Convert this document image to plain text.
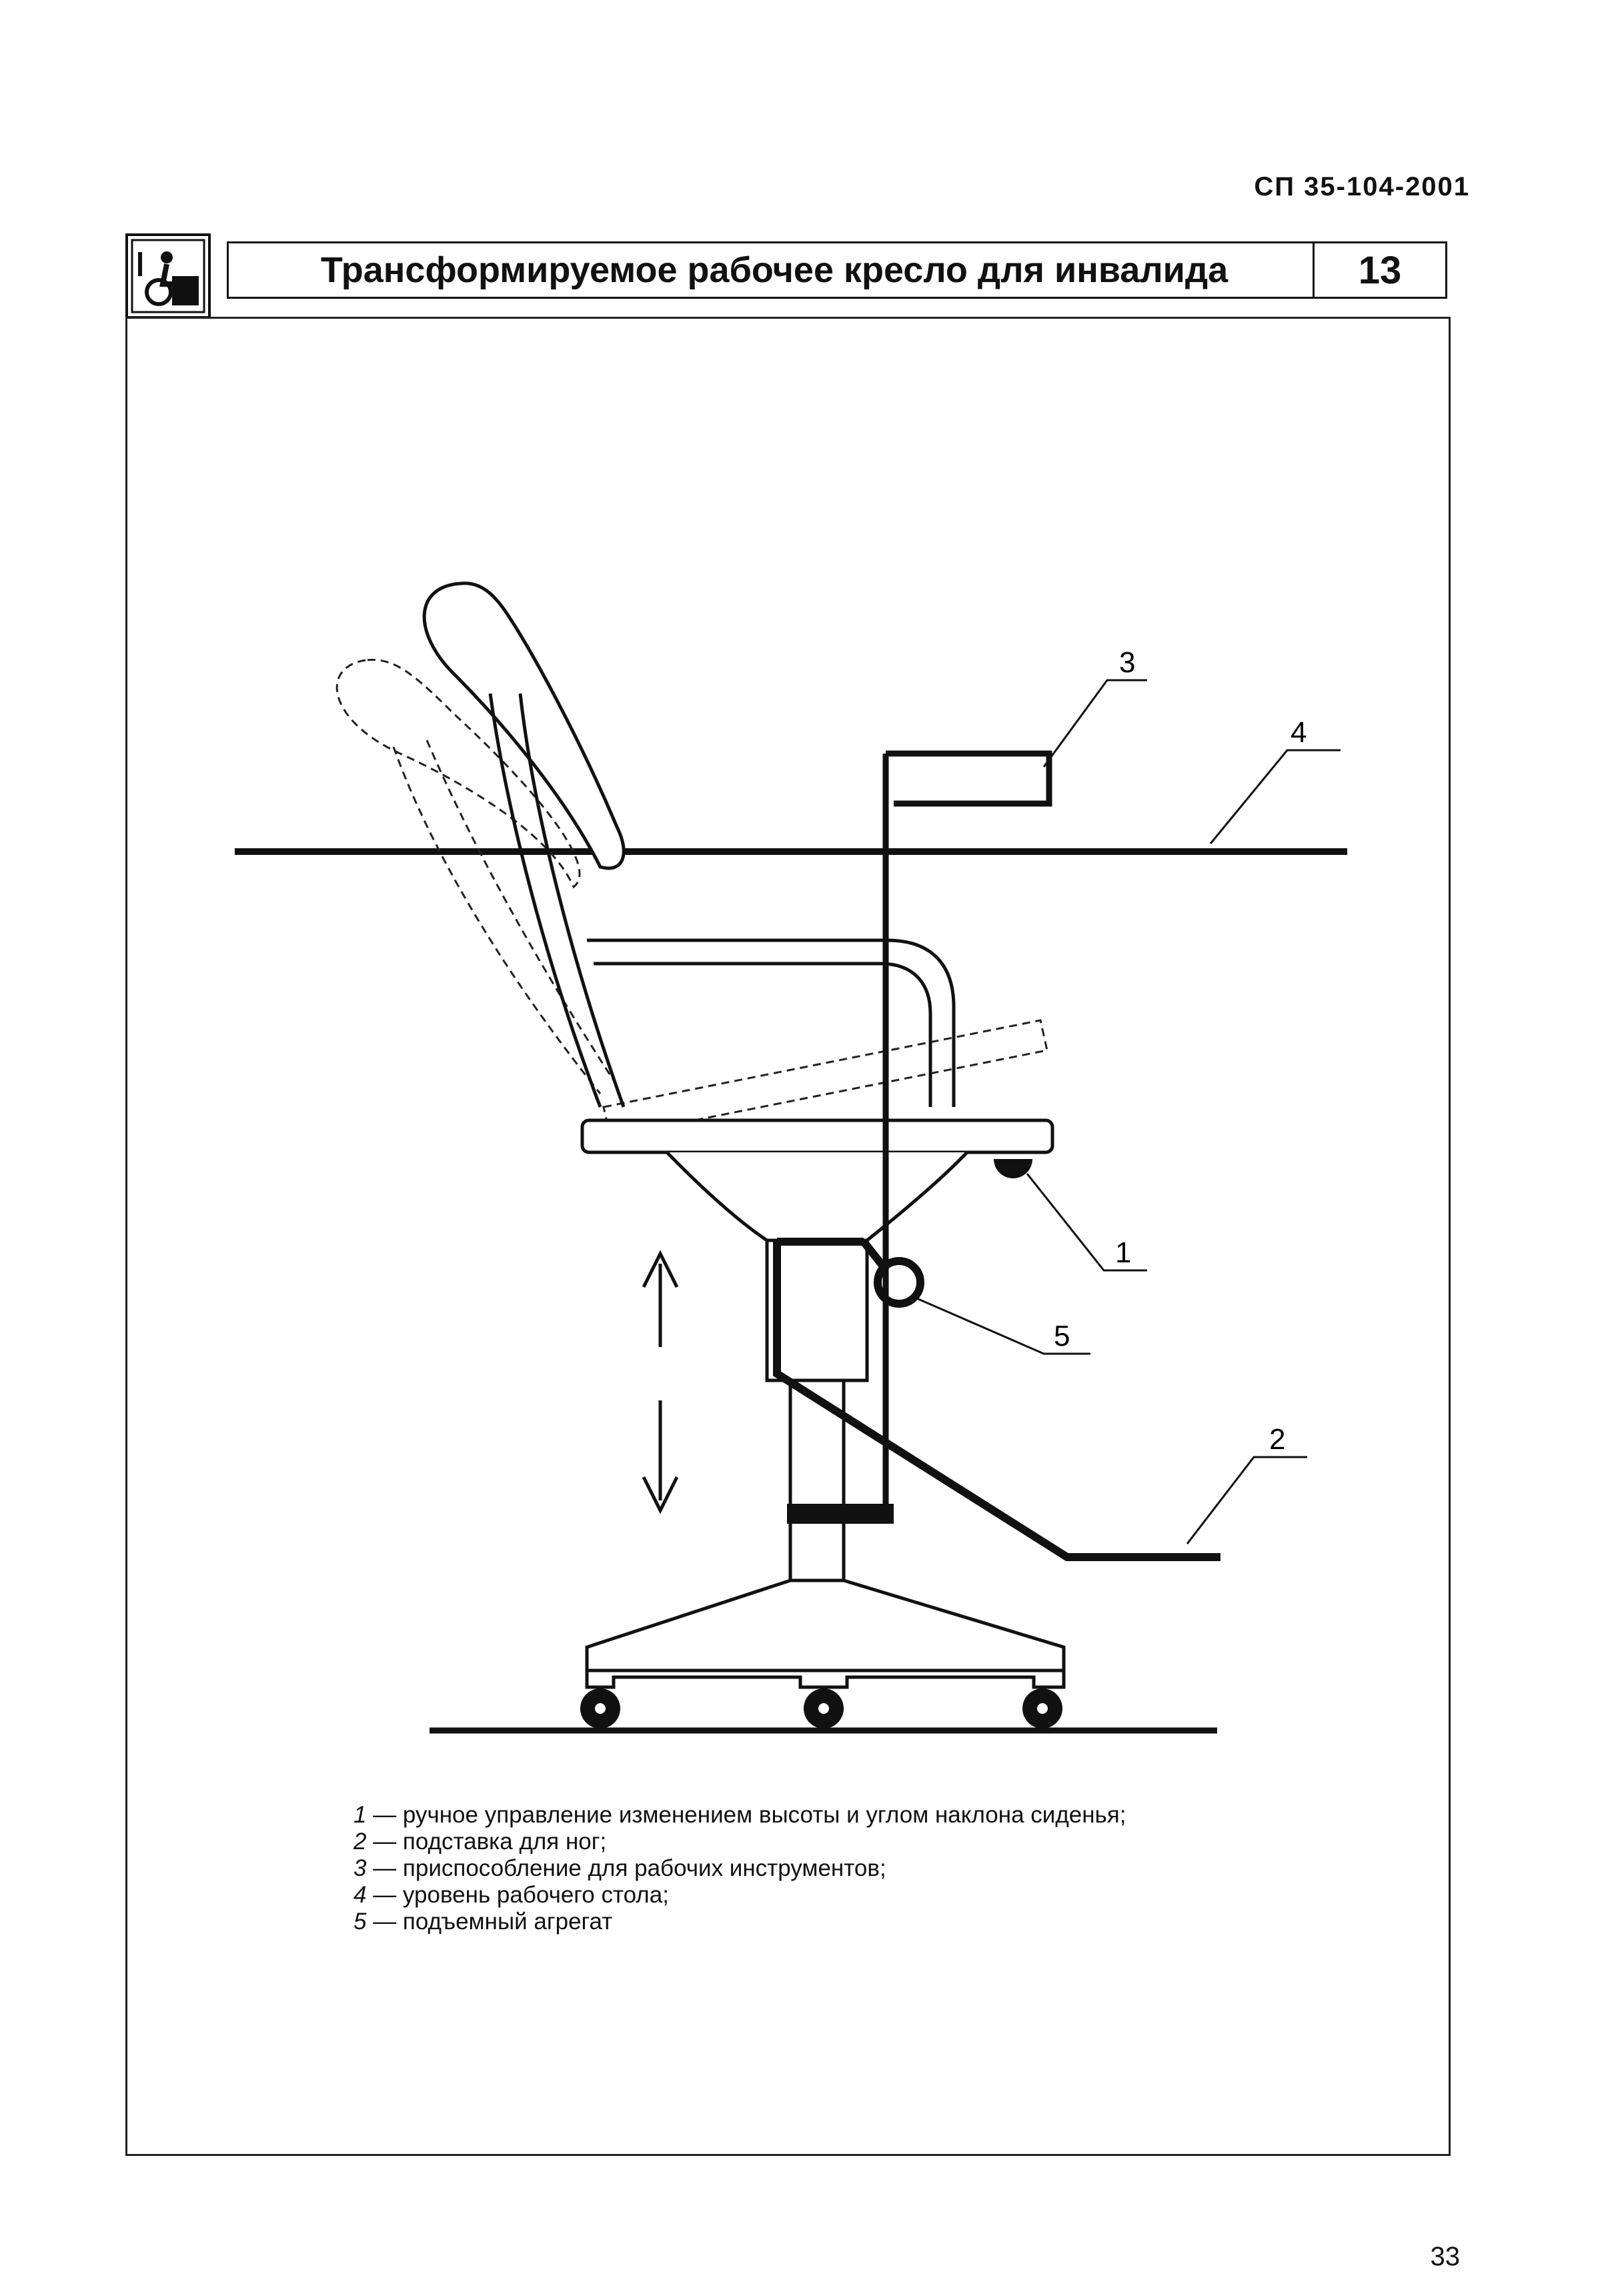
СП 35-104-2001
Трансформируемое рабочее кресло для инвалида	13
3
4
1
5
2
1 — ручное управление изменением высоты и углом наклона сиденья;
2 — подставка для ног;
3 — приспособление для рабочих инструментов;
4 — уровень рабочего стола;
5 — подъемный агрегат
33
